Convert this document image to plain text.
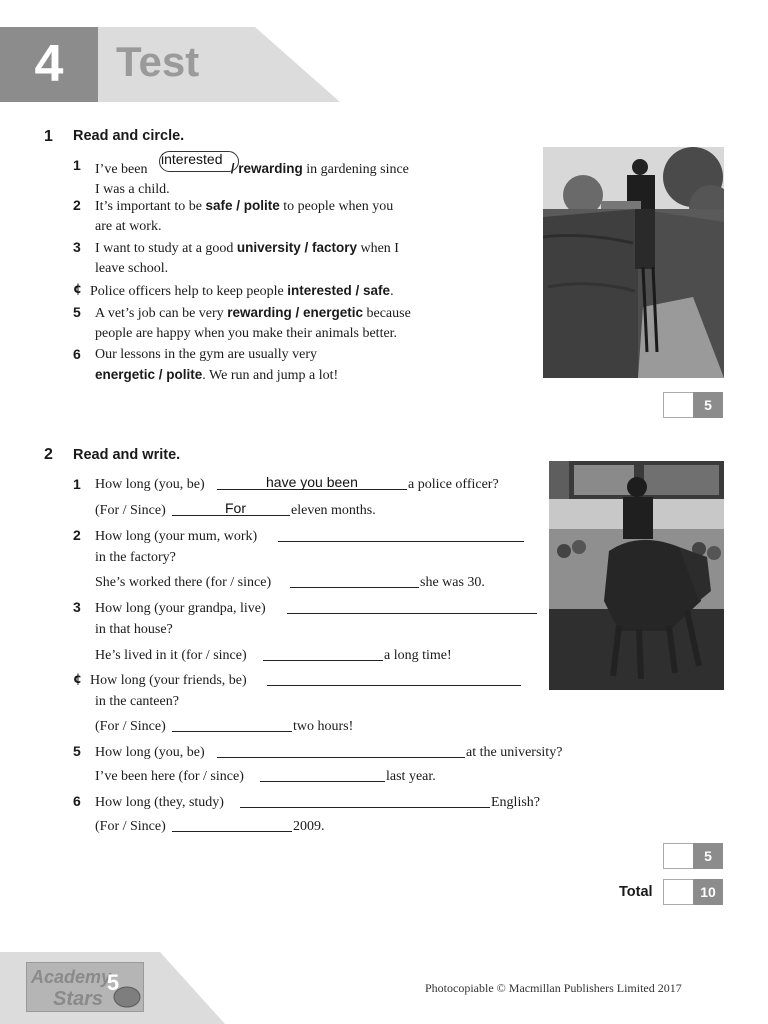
4	Test
1 Read and circle.
1 I’ve been	/ rewarding in gardening since
I was a child.
interested
2 It’s important to be safe / polite to people when you
are at work.
3 I want to study at a good university / factory when I
leave school.
¢ Police officers help to keep people interested / safe.
5 A vet’s job can be very rewarding / energetic because
people are happy when you make their animals better.
6 Our lessons in the gym are usually very
energetic / polite. We run and jump a lot!
5
2 Read and write.
1 How long (you, be)	have you been	a police officer?
(For / Since)	For	eleven months.
2 How long (your mum, work)
in the factory?
She’s worked there (for / since)	she was 30.
3 How long (your grandpa, live)
in that house?
He’s lived in it (for / since)	a long time!
¢ How long (your friends, be)
in the canteen?
(For / Since)	two hours!
5 How long (you, be)	at the university?
I’ve been here (for / since)	last year.
6 How long (they, study)	English?
(For / Since)	2009.
5
Total	10
Academy
Stars
5	Photocopiable © Macmillan Publishers Limited 2017
